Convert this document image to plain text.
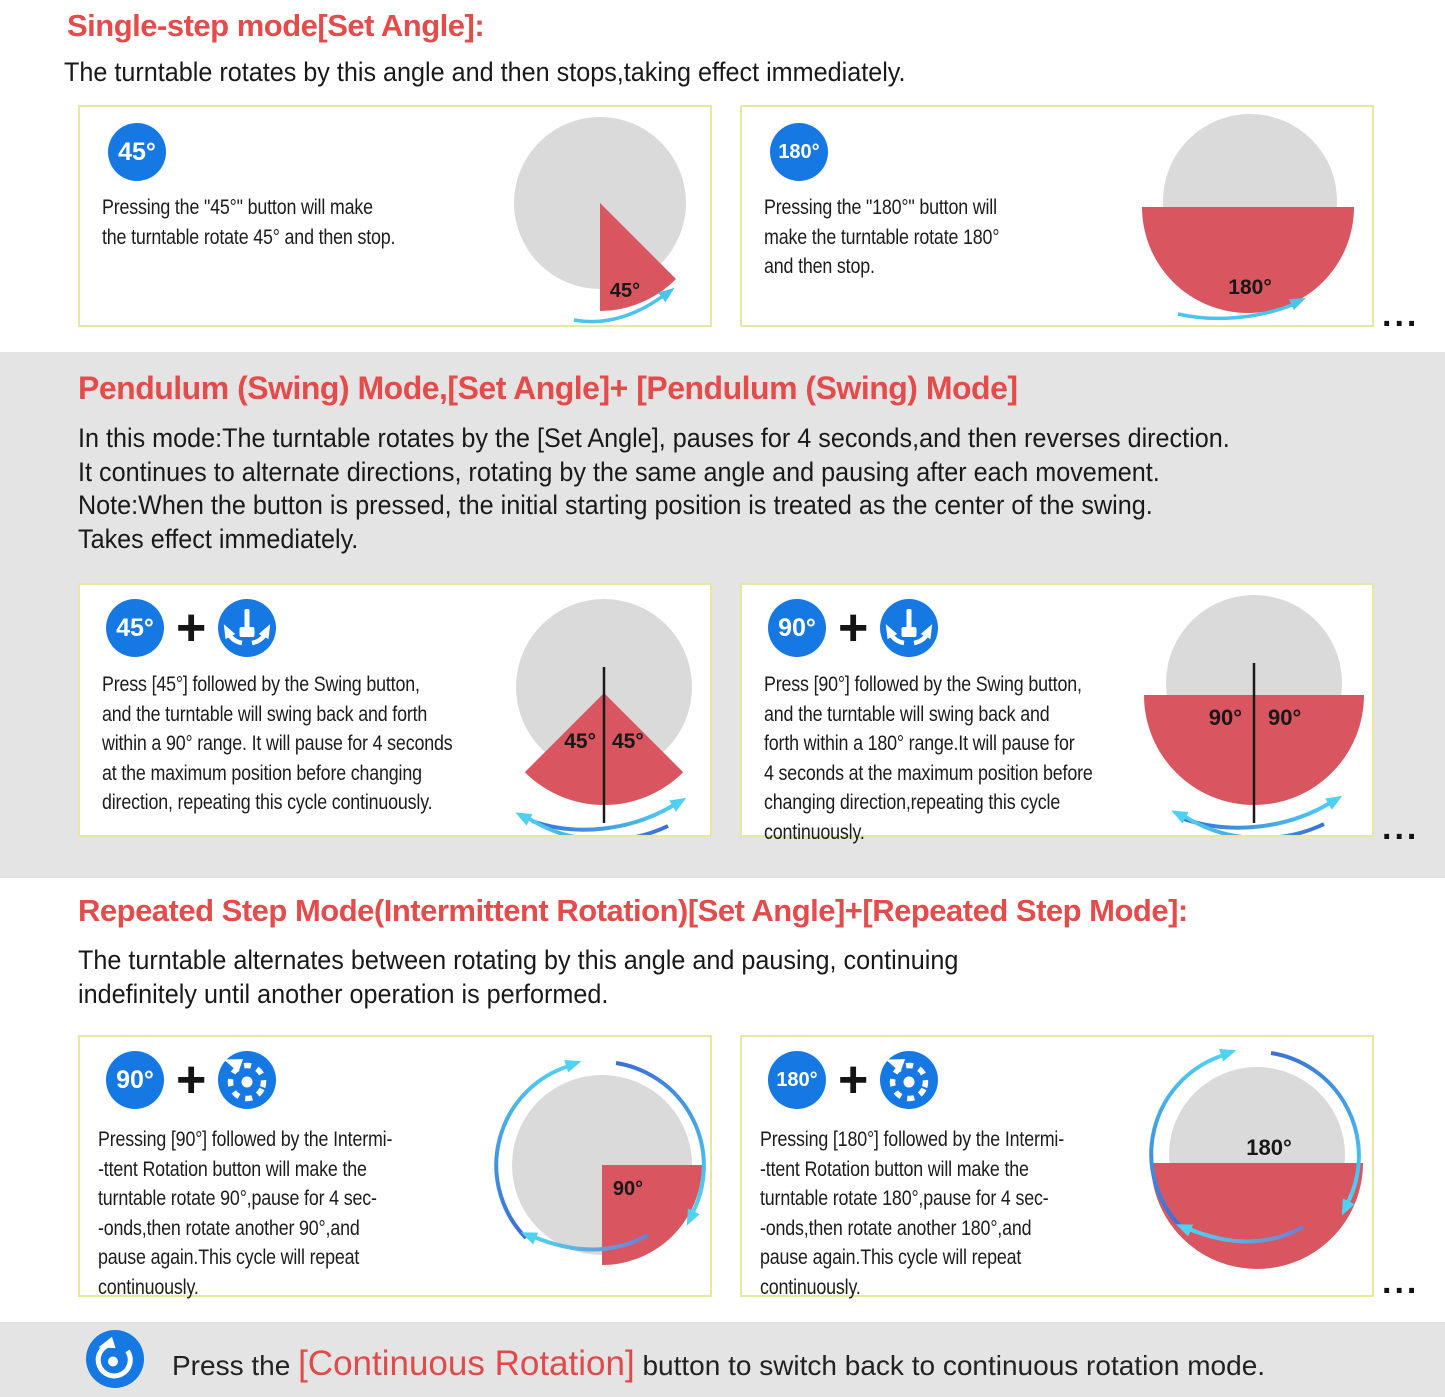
Single-step mode[Set Angle]:
The turntable rotates by this angle and then stops,taking effect immediately.
45°
45°
Pressing the "45°" button will make
the turntable rotate 45° and then stop.
180°
180°
Pressing the "180°" button will
make the turntable rotate 180°
and then stop.
...
Pendulum (Swing) Mode,[Set Angle]+ [Pendulum (Swing) Mode]
In this mode:The turntable rotates by the [Set Angle], pauses for 4 seconds,and then reverses direction.
It continues to alternate directions, rotating by the same angle and pausing after each movement.
Note:When the button is pressed, the initial starting position is treated as the center of the swing.
Takes effect immediately.
45° 45°
45° +
Press [45°] followed by the Swing button,
and the turntable will swing back and forth
within a 90° range. It will pause for 4 seconds
at the maximum position before changing
direction, repeating this cycle continuously.
90° 90°
90° +
Press [90°] followed by the Swing button,
and the turntable will swing back and
forth within a 180° range.It will pause for
4 seconds at the maximum position before
changing direction,repeating this cycle
continuously.	...
Repeated Step Mode(Intermittent Rotation)[Set Angle]+[Repeated Step Mode]:
The turntable alternates between rotating by this angle and pausing, continuing
indefinitely until another operation is performed.
90°
90° +
Pressing [90°] followed by the Intermi-
-ttent Rotation button will make the
turntable rotate 90°,pause for 4 sec-
-onds,then rotate another 90°,and
pause again.This cycle will repeat
continuously.
180°
180° +
Pressing [180°] followed by the Intermi-
-ttent Rotation button will make the
turntable rotate 180°,pause for 4 sec-
-onds,then rotate another 180°,and
pause again.This cycle will repeat
continuously.	...
Press the [Continuous Rotation] button to switch back to continuous rotation mode.
